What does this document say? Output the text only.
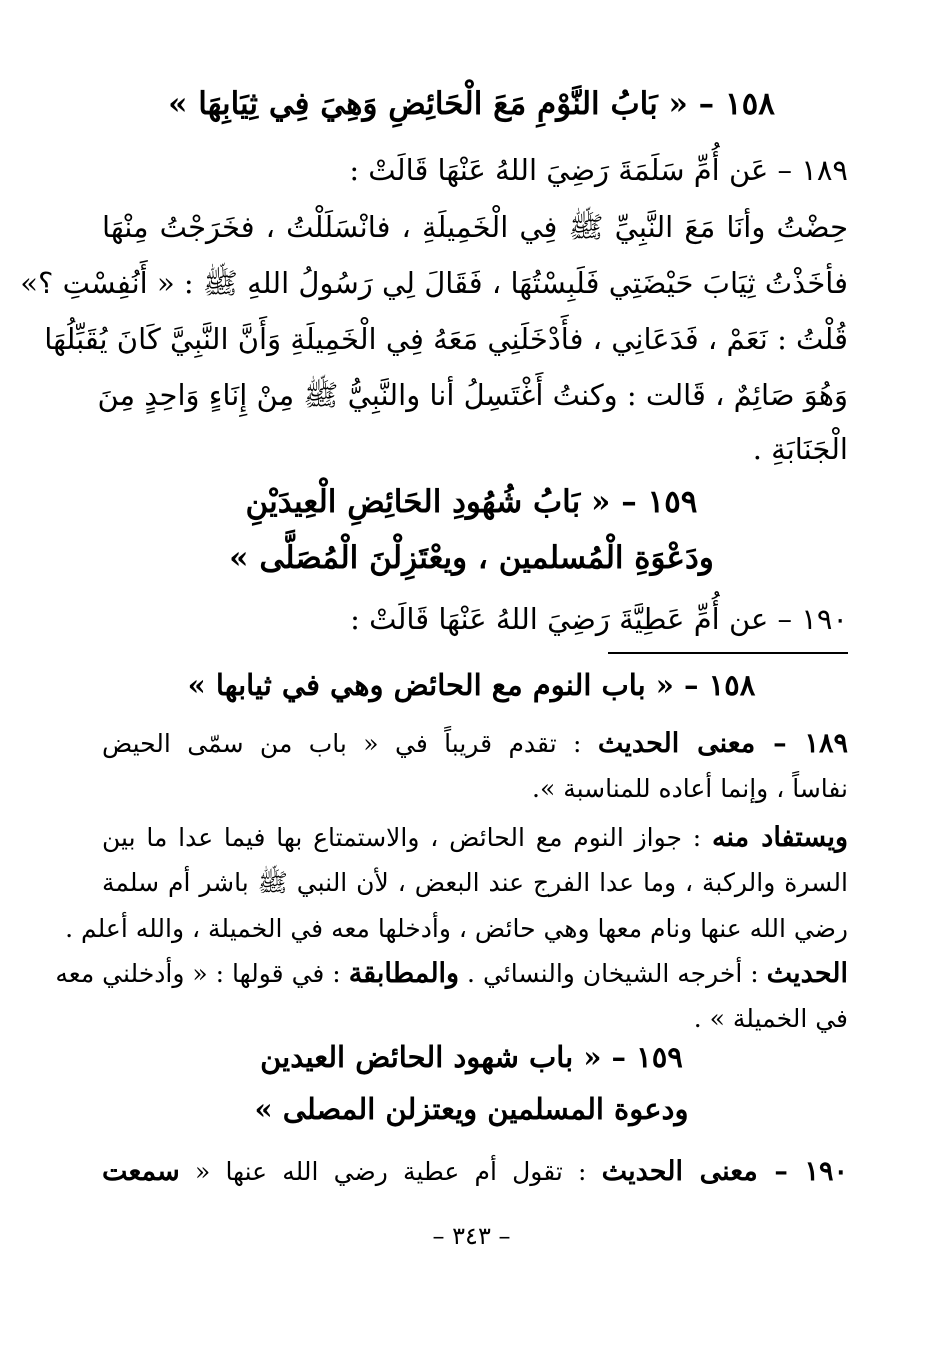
١٥٨ – « بَابُ النَّوْمِ مَعَ الْحَائِضِ وَهِيَ فِي ثِيَابِهَا »
١٨٩ – عَن أُمِّ سَلَمَةَ رَضِيَ اللهُ عَنْهَا قَالَتْ :
حِضْتُ وأنَا مَعَ النَّبِيِّ ﷺ فِي الْخَمِيلَةِ ، فانْسَلَلْتُ ، فخَرَجْتُ مِنْهَا
فأخَذْتُ ثِيَابَ حَيْضَتِي فَلَبِسْتُهَا ، فَقَالَ لِي رَسُولُ اللهِ ﷺ : « أَنُفِسْتِ ؟»
قُلْتُ : نَعَمْ ، فَدَعَانِي ، فأَدْخَلَنِي مَعَهُ فِي الْخَمِيلَةِ وَأَنَّ النَّبِيَّ كَانَ يُقَبِّلُهَا
وَهُوَ صَائِمٌ ، قَالت : وكنتُ أَغْتَسِلُ أنا والنَّبِيُّ ﷺ مِنْ إِنَاءٍ وَاحِدٍ مِنَ
الْجَنَابَةِ .
١٥٩ – « بَابُ شُهُودِ الحَائِضِ الْعِيدَيْنِ
ودَعْوَةِ الْمُسلمين ، ويعْتَزِلْنَ الْمُصَلَّى »
١٩٠ – عن أُمِّ عَطِيَّةَ رَضِيَ اللهُ عَنْهَا قَالَتْ :
١٥٨ – « باب النوم مع الحائض وهي في ثيابها »
١٨٩ – معنى الحديث : تقدم قريباً في « باب من سمّى الحيض
نفاساً ، وإنما أعاده للمناسبة ».
ويستفاد منه : جواز النوم مع الحائض ، والاستمتاع بها فيما عدا ما بين
السرة والركبة ، وما عدا الفرج عند البعض ، لأن النبي ﷺ باشر أم سلمة
رضي الله عنها ونام معها وهي حائض ، وأدخلها معه في الخميلة ، والله أعلم .
الحديث : أخرجه الشيخان والنسائي . والمطابقة : في قولها : « وأدخلني معه
في الخميلة » .
١٥٩ – « باب شهود الحائض العيدين
ودعوة المسلمين ويعتزلن المصلى »
١٩٠ – معنى الحديث : تقول أم عطية رضي الله عنها « سمعت
– ٣٤٣ –
